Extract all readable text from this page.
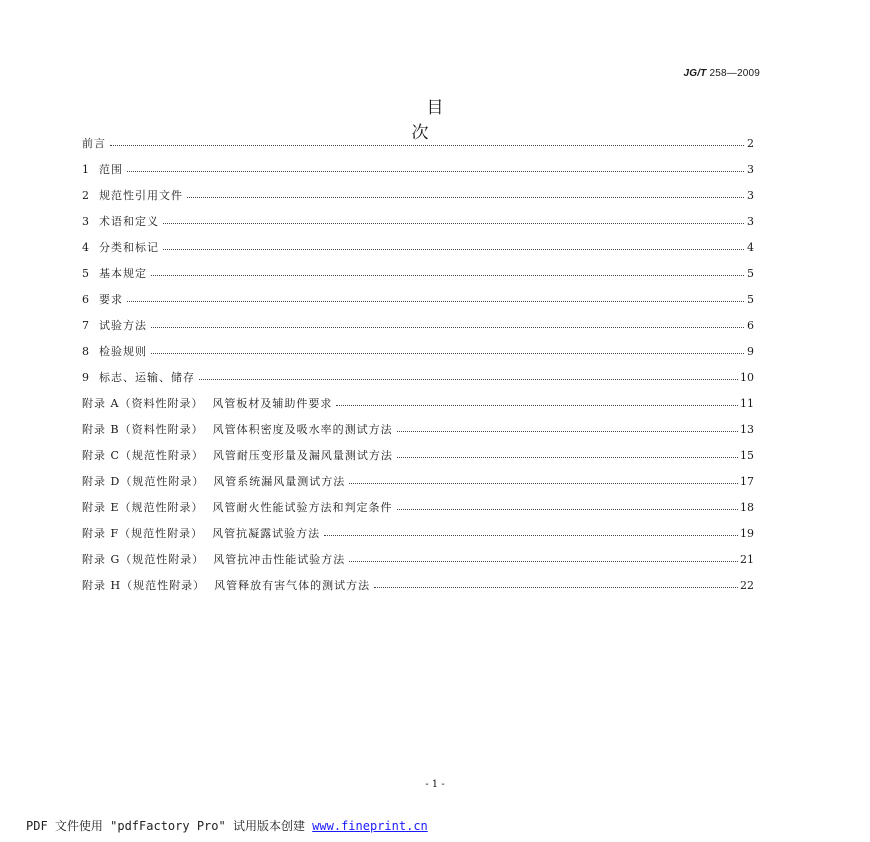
JG/T 258—2009
目次
前言	2
1  范围	3
2  规范性引用文件	3
3  术语和定义	3
4  分类和标记	4
5  基本规定	5
6  要求	5
7  试验方法	6
8  检验规则	9
9  标志、运输、储存	10
附录 A（资料性附录）  风管板材及辅助件要求	11
附录 B（资料性附录）  风管体积密度及吸水率的测试方法	13
附录 C（规范性附录）  风管耐压变形量及漏风量测试方法	15
附录 D（规范性附录）  风管系统漏风量测试方法	17
附录 E（规范性附录）  风管耐火性能试验方法和判定条件	18
附录 F（规范性附录）  风管抗凝露试验方法	19
附录 G（规范性附录）  风管抗冲击性能试验方法	21
附录 H（规范性附录）  风管释放有害气体的测试方法	22
- 1 -
PDF 文件使用 "pdfFactory Pro" 试用版本创建 www.fineprint.cn
